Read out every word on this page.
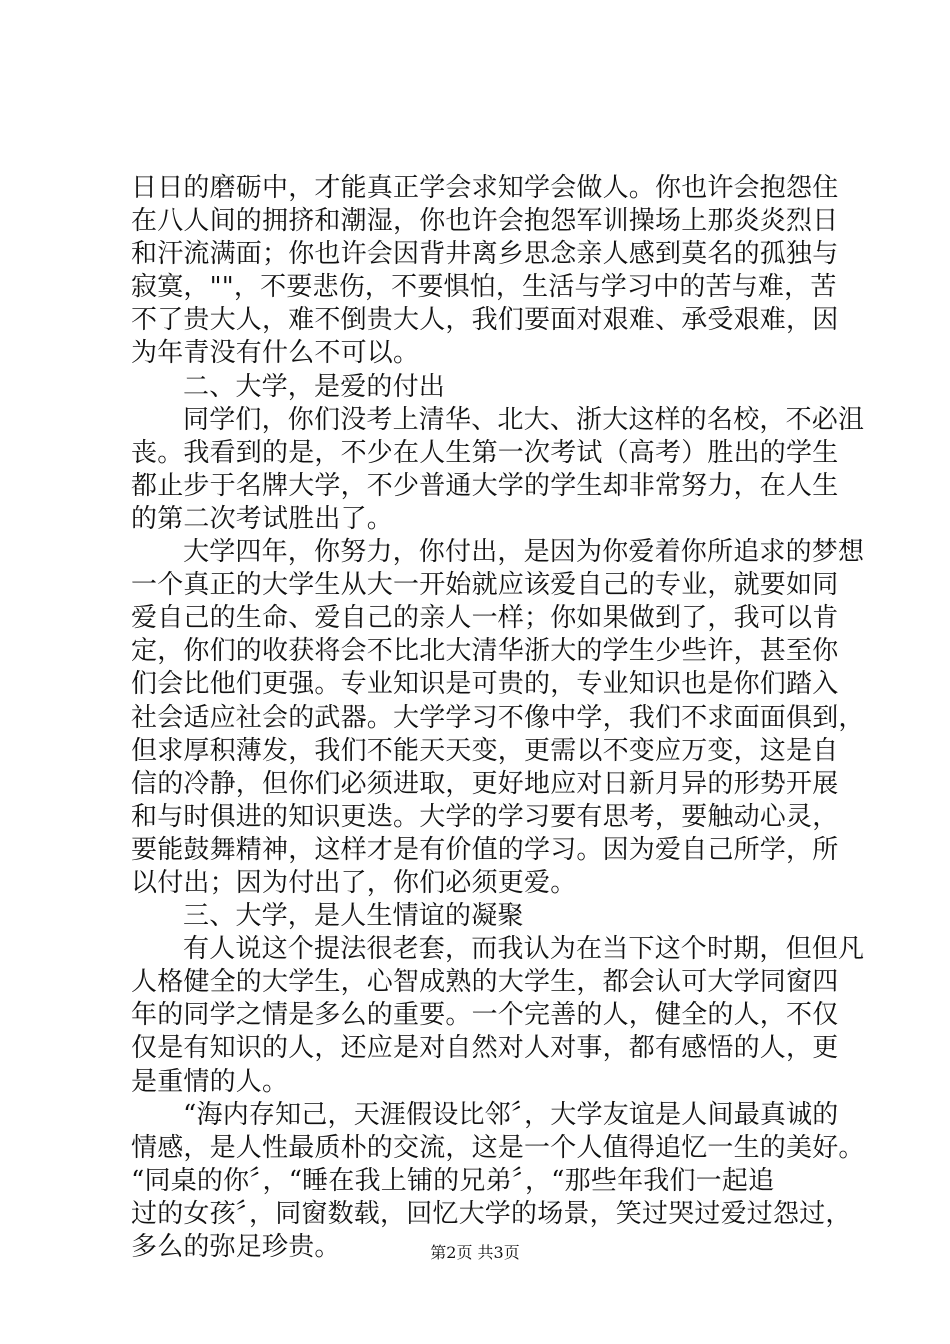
日日的磨砺中，才能真正学会求知学会做人。你也许会抱怨住
在八人间的拥挤和潮湿，你也许会抱怨军训操场上那炎炎烈日
和汗流满面；你也许会因背井离乡思念亲人感到莫名的孤独与
寂寞，""，不要悲伤，不要惧怕，生活与学习中的苦与难，苦
不了贵大人，难不倒贵大人，我们要面对艰难、承受艰难，因
为年青没有什么不可以。
二、大学，是爱的付出
同学们，你们没考上清华、北大、浙大这样的名校，不必沮
丧。我看到的是，不少在人生第一次考试（高考）胜出的学生
都止步于名牌大学，不少普通大学的学生却非常努力，在人生
的第二次考试胜出了。
大学四年，你努力，你付出，是因为你爱着你所追求的梦想
一个真正的大学生从大一开始就应该爱自己的专业，就要如同
爱自己的生命、爱自己的亲人一样；你如果做到了，我可以肯
定，你们的收获将会不比北大清华浙大的学生少些许，甚至你
们会比他们更强。专业知识是可贵的，专业知识也是你们踏入
社会适应社会的武器。大学学习不像中学，我们不求面面俱到，
但求厚积薄发，我们不能天天变，更需以不变应万变，这是自
信的冷静，但你们必须进取，更好地应对日新月异的形势开展
和与时俱进的知识更迭。大学的学习要有思考，要触动心灵，
要能鼓舞精神，这样才是有价值的学习。因为爱自己所学，所
以付出；因为付出了，你们必须更爱。
三、大学，是人生情谊的凝聚
有人说这个提法很老套，而我认为在当下这个时期，但但凡
人格健全的大学生，心智成熟的大学生，都会认可大学同窗四
年的同学之情是多么的重要。一个完善的人，健全的人，不仅
仅是有知识的人，还应是对自然对人对事，都有感悟的人，更
是重情的人。
“海内存知己，天涯假设比邻〞，大学友谊是人间最真诚的
情感，是人性最质朴的交流，这是一个人值得追忆一生的美好。
“同桌的你〞，“睡在我上铺的兄弟〞，“那些年我们一起追
过的女孩〞，同窗数载，回忆大学的场景，笑过哭过爱过怨过，
多么的弥足珍贵。	第2页 共3页
